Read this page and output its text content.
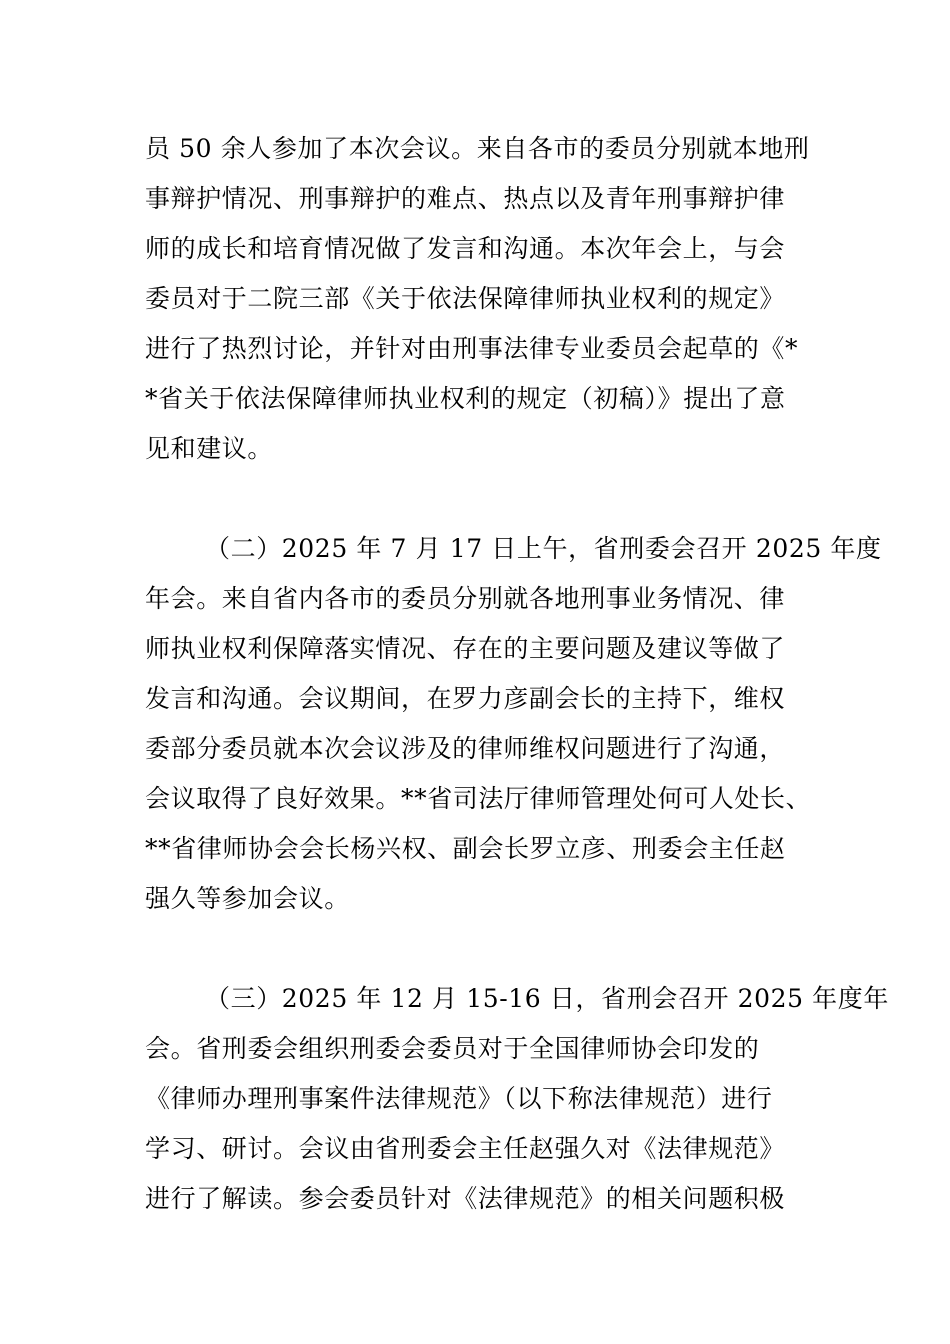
员 50 余人参加了本次会议。来自各市的委员分别就本地刑
事辩护情况、刑事辩护的难点、热点以及青年刑事辩护律
师的成长和培育情况做了发言和沟通。本次年会上，与会
委员对于二院三部《关于依法保障律师执业权利的规定》
进行了热烈讨论，并针对由刑事法律专业委员会起草的《*
*省关于依法保障律师执业权利的规定（初稿）》提出了意
见和建议。
（二）2025 年 7 月 17 日上午，省刑委会召开 2025 年度
年会。来自省内各市的委员分别就各地刑事业务情况、律
师执业权利保障落实情况、存在的主要问题及建议等做了
发言和沟通。会议期间，在罗力彦副会长的主持下，维权
委部分委员就本次会议涉及的律师维权问题进行了沟通，
会议取得了良好效果。**省司法厅律师管理处何可人处长、
**省律师协会会长杨兴权、副会长罗立彦、刑委会主任赵
强久等参加会议。
（三）2025 年 12 月 15-16 日，省刑会召开 2025 年度年
会。省刑委会组织刑委会委员对于全国律师协会印发的
《律师办理刑事案件法律规范》（以下称法律规范）进行
学习、研讨。会议由省刑委会主任赵强久对《法律规范》
进行了解读。参会委员针对《法律规范》的相关问题积极
